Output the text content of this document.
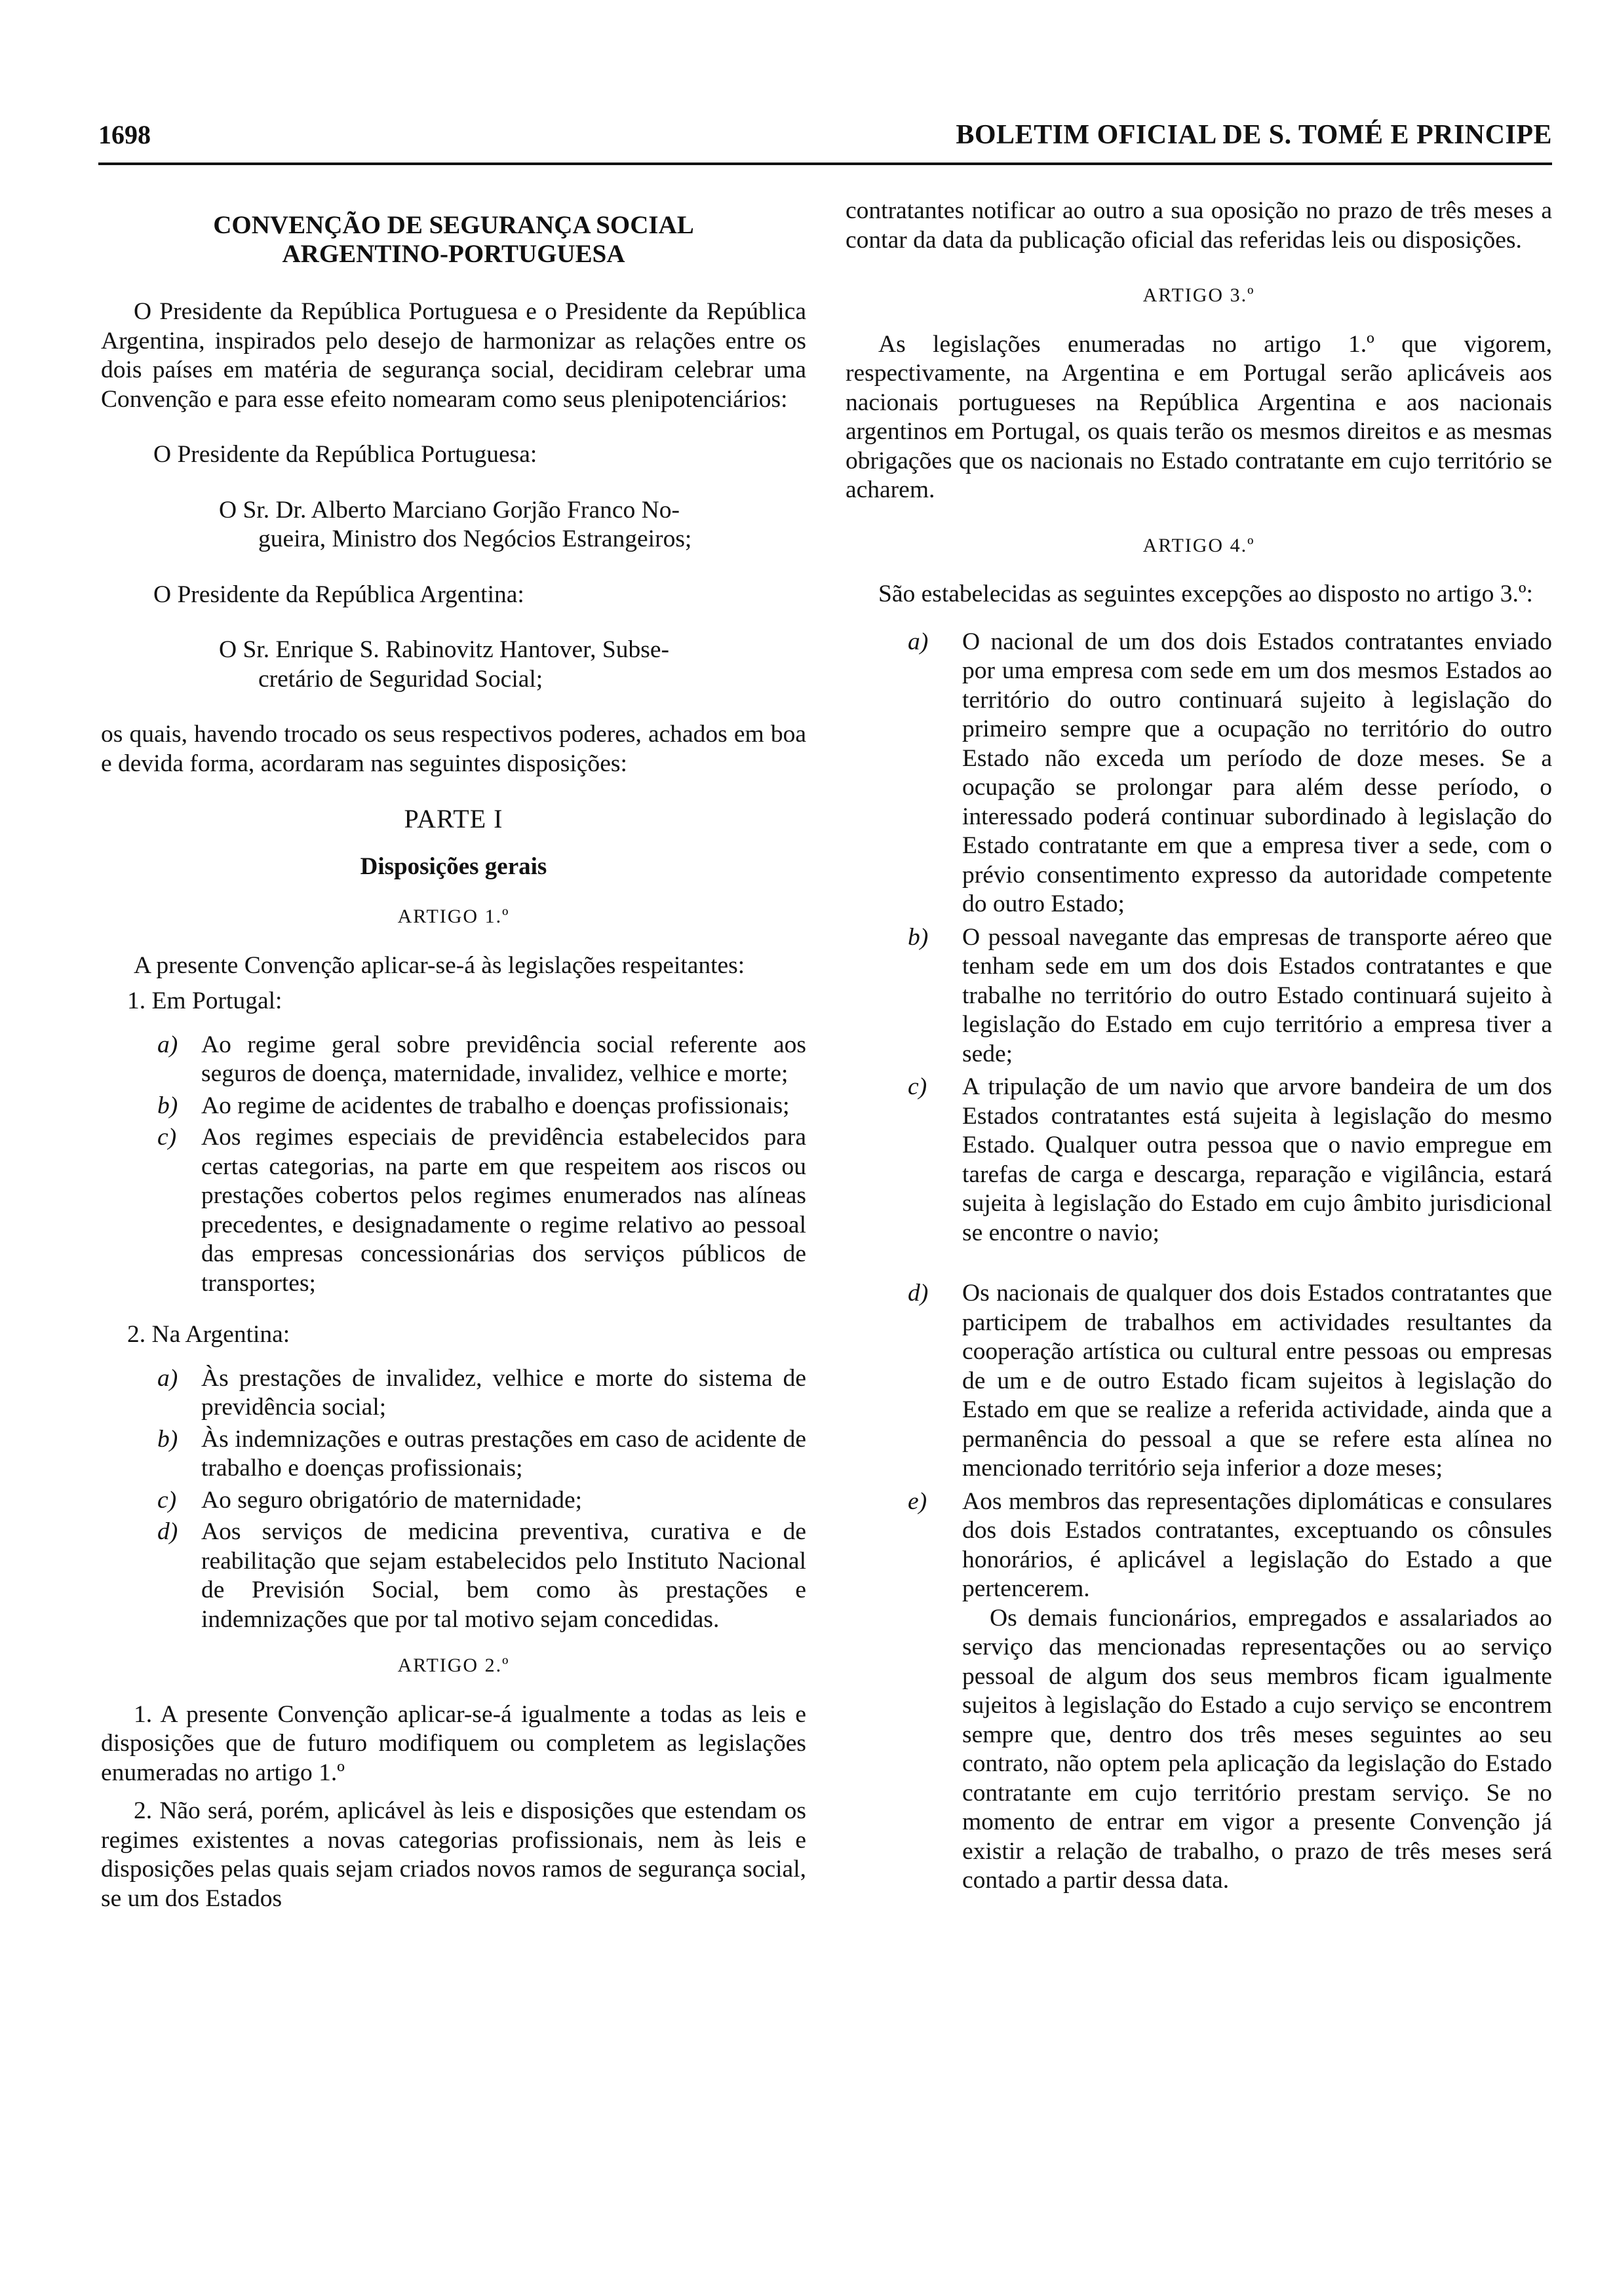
1698	BOLETIM OFICIAL DE S. TOMÉ E PRINCIPE
CONVENÇÃO DE SEGURANÇA SOCIAL
ARGENTINO-PORTUGUESA

O Presidente da República Portuguesa e o Presidente da República Argentina, inspirados pelo desejo de harmonizar as relações entre os dois países em matéria de segurança social, decidiram celebrar uma Convenção e para esse efeito nomearam como seus plenipotenciários:

O Presidente da República Portuguesa:

O Sr. Dr. Alberto Marciano Gorjão Franco No-
gueira, Ministro dos Negócios Estrangeiros;

O Presidente da República Argentina:

O Sr. Enrique S. Rabinovitz Hantover, Subse-
cretário de Seguridad Social;

os quais, havendo trocado os seus respectivos poderes, achados em boa e devida forma, acordaram nas seguintes disposições:

PARTE I
Disposições gerais
ARTIGO 1.º

A presente Convenção aplicar-se-á às legislações respeitantes:

1. Em Portugal:

a) Ao regime geral sobre previdência social referente aos seguros de doença, maternidade, invalidez, velhice e morte;
b) Ao regime de acidentes de trabalho e doenças profissionais;
c) Aos regimes especiais de previdência estabelecidos para certas categorias, na parte em que respeitem aos riscos ou prestações cobertos pelos regimes enumerados nas alíneas precedentes, e designadamente o regime relativo ao pessoal das empresas concessionárias dos serviços públicos de transportes;

2. Na Argentina:

a) Às prestações de invalidez, velhice e morte do sistema de previdência social;
b) Às indemnizações e outras prestações em caso de acidente de trabalho e doenças profissionais;
c) Ao seguro obrigatório de maternidade;
d) Aos serviços de medicina preventiva, curativa e de reabilitação que sejam estabelecidos pelo Instituto Nacional de Previsión Social, bem como às prestações e indemnizações que por tal motivo sejam concedidas.
ARTIGO 2.º

1. A presente Convenção aplicar-se-á igualmente a todas as leis e disposições que de futuro modifiquem ou completem as legislações enumeradas no artigo 1.º

2. Não será, porém, aplicável às leis e disposições que estendam os regimes existentes a novas categorias profissionais, nem às leis e disposições pelas quais sejam criados novos ramos de segurança social, se um dos Estados

contratantes notificar ao outro a sua oposição no prazo de três meses a contar da data da publicação oficial das referidas leis ou disposições.

ARTIGO 3.º

As legislações enumeradas no artigo 1.º que vigorem, respectivamente, na Argentina e em Portugal serão aplicáveis aos nacionais portugueses na República Argentina e aos nacionais argentinos em Portugal, os quais terão os mesmos direitos e as mesmas obrigações que os nacionais no Estado contratante em cujo território se acharem.

ARTIGO 4.º

São estabelecidas as seguintes excepções ao disposto no artigo 3.º:

a) O nacional de um dos dois Estados contratantes enviado por uma empresa com sede em um dos mesmos Estados ao território do outro continuará sujeito à legislação do primeiro sempre que a ocupação no território do outro Estado não exceda um período de doze meses. Se a ocupação se prolongar para além desse período, o interessado poderá continuar subordinado à legislação do Estado contratante em que a empresa tiver a sede, com o prévio consentimento expresso da autoridade competente do outro Estado;
b) O pessoal navegante das empresas de transporte aéreo que tenham sede em um dos dois Estados contratantes e que trabalhe no território do outro Estado continuará sujeito à legislação do Estado em cujo território a empresa tiver a sede;
c) A tripulação de um navio que arvore bandeira de um dos Estados contratantes está sujeita à legislação do mesmo Estado. Qualquer outra pessoa que o navio empregue em tarefas de carga e descarga, reparação e vigilância, estará sujeita à legislação do Estado em cujo âmbito jurisdicional se encontre o navio;
d) Os nacionais de qualquer dos dois Estados contratantes que participem de trabalhos em actividades resultantes da cooperação artística ou cultural entre pessoas ou empresas de um e de outro Estado ficam sujeitos à legislação do Estado em que se realize a referida actividade, ainda que a permanência do pessoal a que se refere esta alínea no mencionado território seja inferior a doze meses;
e) Aos membros das representações diplomáticas e consulares dos dois Estados contratantes, exceptuando os cônsules honorários, é aplicável a legislação do Estado a que pertencerem.
Os demais funcionários, empregados e assalariados ao serviço das mencionadas representações ou ao serviço pessoal de algum dos seus membros ficam igualmente sujeitos à legislação do Estado a cujo serviço se encontrem sempre que, dentro dos três meses seguintes ao seu contrato, não optem pela aplicação da legislação do Estado contratante em cujo território prestam serviço. Se no momento de entrar em vigor a presente Convenção já existir a relação de trabalho, o prazo de três meses será contado a partir dessa data.
